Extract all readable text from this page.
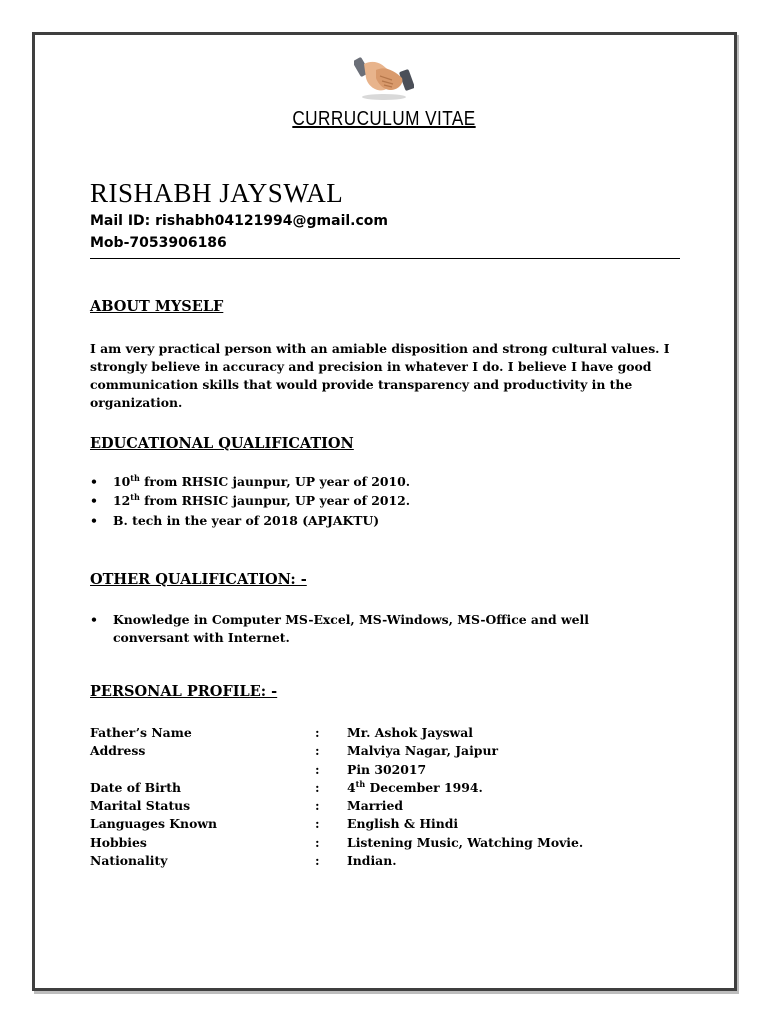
CURRUCULUM VITAE
RISHABH JAYSWAL
Mail ID: rishabh04121994@gmail.com
Mob-7053906186
ABOUT MYSELF
I am very practical person with an amiable disposition and strong cultural values. I strongly believe in accuracy and precision in whatever I do. I believe I have good communication skills that would provide transparency and productivity in the organization.
EDUCATIONAL QUALIFICATION
• 10th from RHSIC jaunpur, UP year of 2010.
• 12th from RHSIC jaunpur, UP year of 2012.
• B. tech in the year of 2018 (APJAKTU)
OTHER QUALIFICATION: -
• Knowledge in Computer MS-Excel, MS-Windows, MS-Office and well conversant with Internet.
PERSONAL PROFILE: -
Father’s Name	: Mr. Ashok Jayswal
Address	: Malviya Nagar, Jaipur
: Pin 302017
Date of Birth	: 4th December 1994.
Marital Status	: Married
Languages Known	: English & Hindi
Hobbies	: Listening Music, Watching Movie.
Nationality	: Indian.
